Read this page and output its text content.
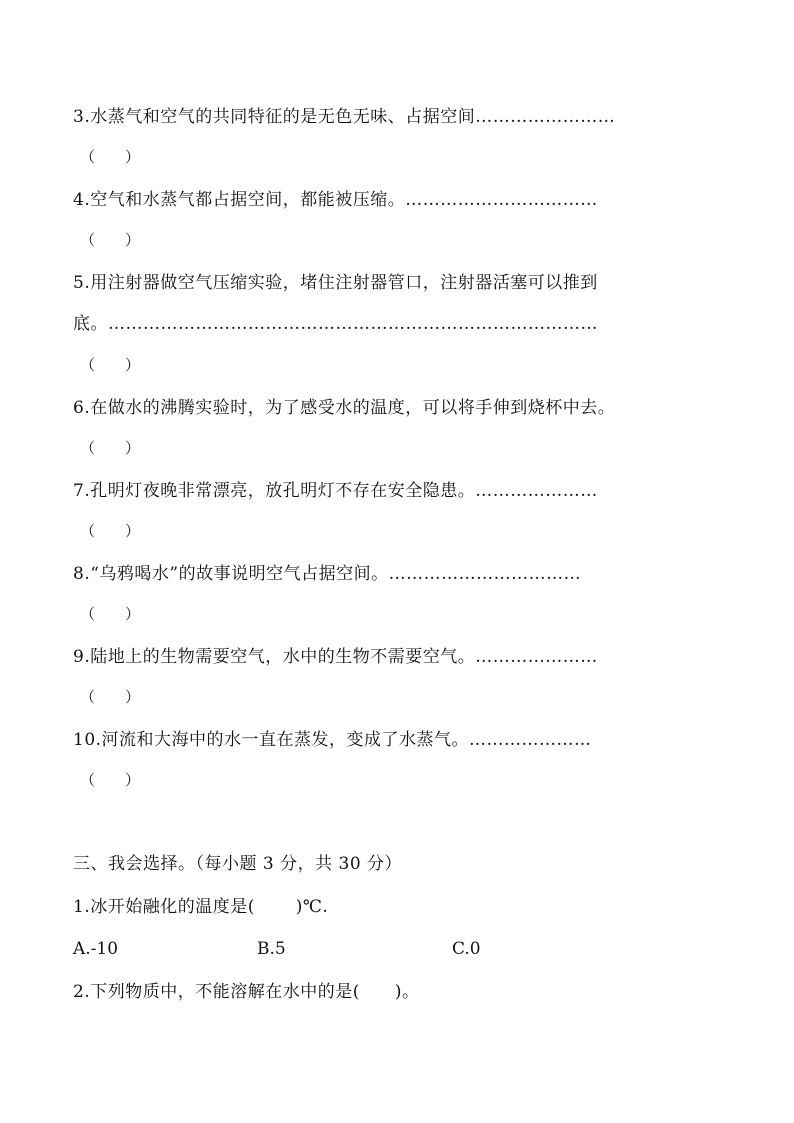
3.水蒸气和空气的共同特征的是无色无味、占据空间……………………
（　　）
4.空气和水蒸气都占据空间，都能被压缩。……………………………
（　　）
5.用注射器做空气压缩实验，堵住注射器管口，注射器活塞可以推到
底。…………………………………………………………………………
（　　）
6.在做水的沸腾实验时，为了感受水的温度，可以将手伸到烧杯中去。
（　　）
7.孔明灯夜晚非常漂亮，放孔明灯不存在安全隐患。…………………
（　　）
8.“乌鸦喝水”的故事说明空气占据空间。……………………………
（　　）
9.陆地上的生物需要空气，水中的生物不需要空气。…………………
（　　）
10.河流和大海中的水一直在蒸发，变成了水蒸气。…………………
（　　）
三、我会选择。（每小题 3 分，共 30 分）
1.冰开始融化的温度是(　　 )℃.
A.-10	B.5	C.0
2.下列物质中，不能溶解在水中的是(　　)。
